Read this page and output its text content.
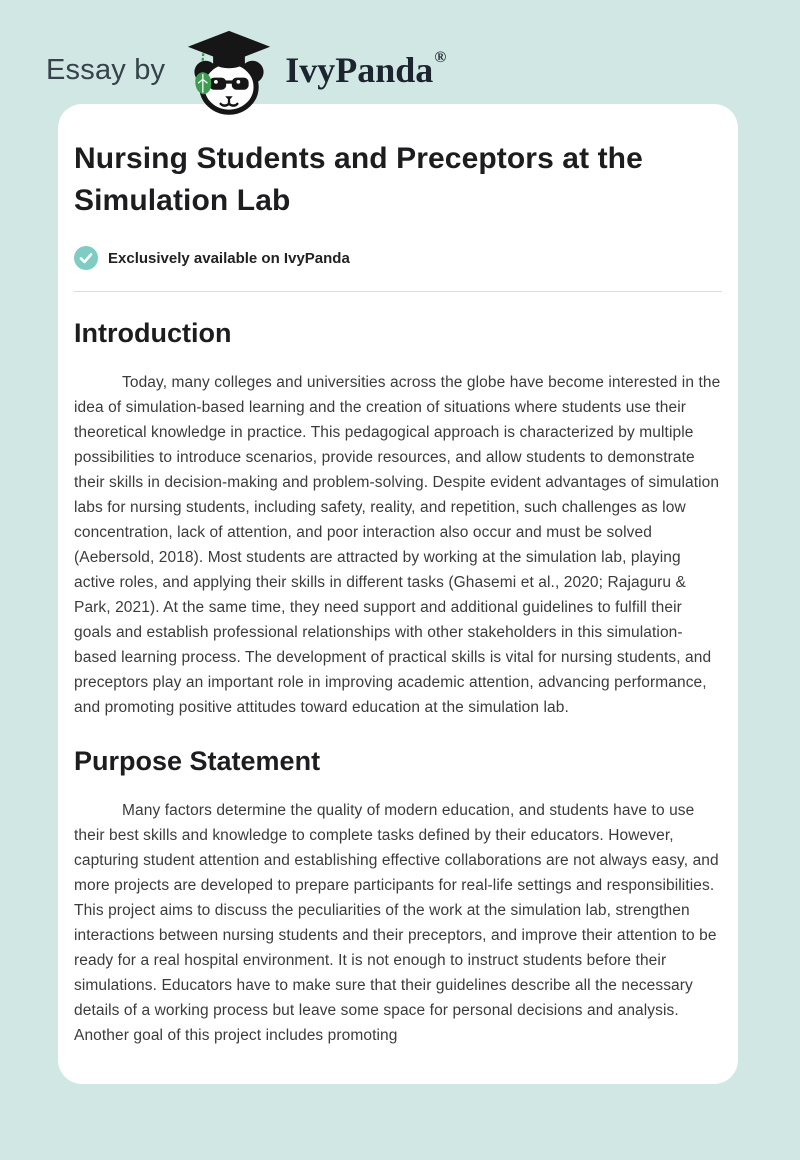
Essay by	IvyPanda ®
Nursing Students and Preceptors at the Simulation Lab
Exclusively available on IvyPanda
Introduction

Today, many colleges and universities across the globe have become interested in the idea of simulation-based learning and the creation of situations where students use their theoretical knowledge in practice. This pedagogical approach is characterized by multiple possibilities to introduce scenarios, provide resources, and allow students to demonstrate their skills in decision-making and problem-solving. Despite evident advantages of simulation labs for nursing students, including safety, reality, and repetition, such challenges as low concentration, lack of attention, and poor interaction also occur and must be solved (Aebersold, 2018). Most students are attracted by working at the simulation lab, playing active roles, and applying their skills in different tasks (Ghasemi et al., 2020; Rajaguru & Park, 2021). At the same time, they need support and additional guidelines to fulfill their goals and establish professional relationships with other stakeholders in this simulation-based learning process. The development of practical skills is vital for nursing students, and preceptors play an important role in improving academic attention, advancing performance, and promoting positive attitudes toward education at the simulation lab.

Purpose Statement

Many factors determine the quality of modern education, and students have to use their best skills and knowledge to complete tasks defined by their educators. However, capturing student attention and establishing effective collaborations are not always easy, and more projects are developed to prepare participants for real-life settings and responsibilities. This project aims to discuss the peculiarities of the work at the simulation lab, strengthen interactions between nursing students and their preceptors, and improve their attention to be ready for a real hospital environment. It is not enough to instruct students before their simulations. Educators have to make sure that their guidelines describe all the necessary details of a working process but leave some space for personal decisions and analysis. Another goal of this project includes promoting
